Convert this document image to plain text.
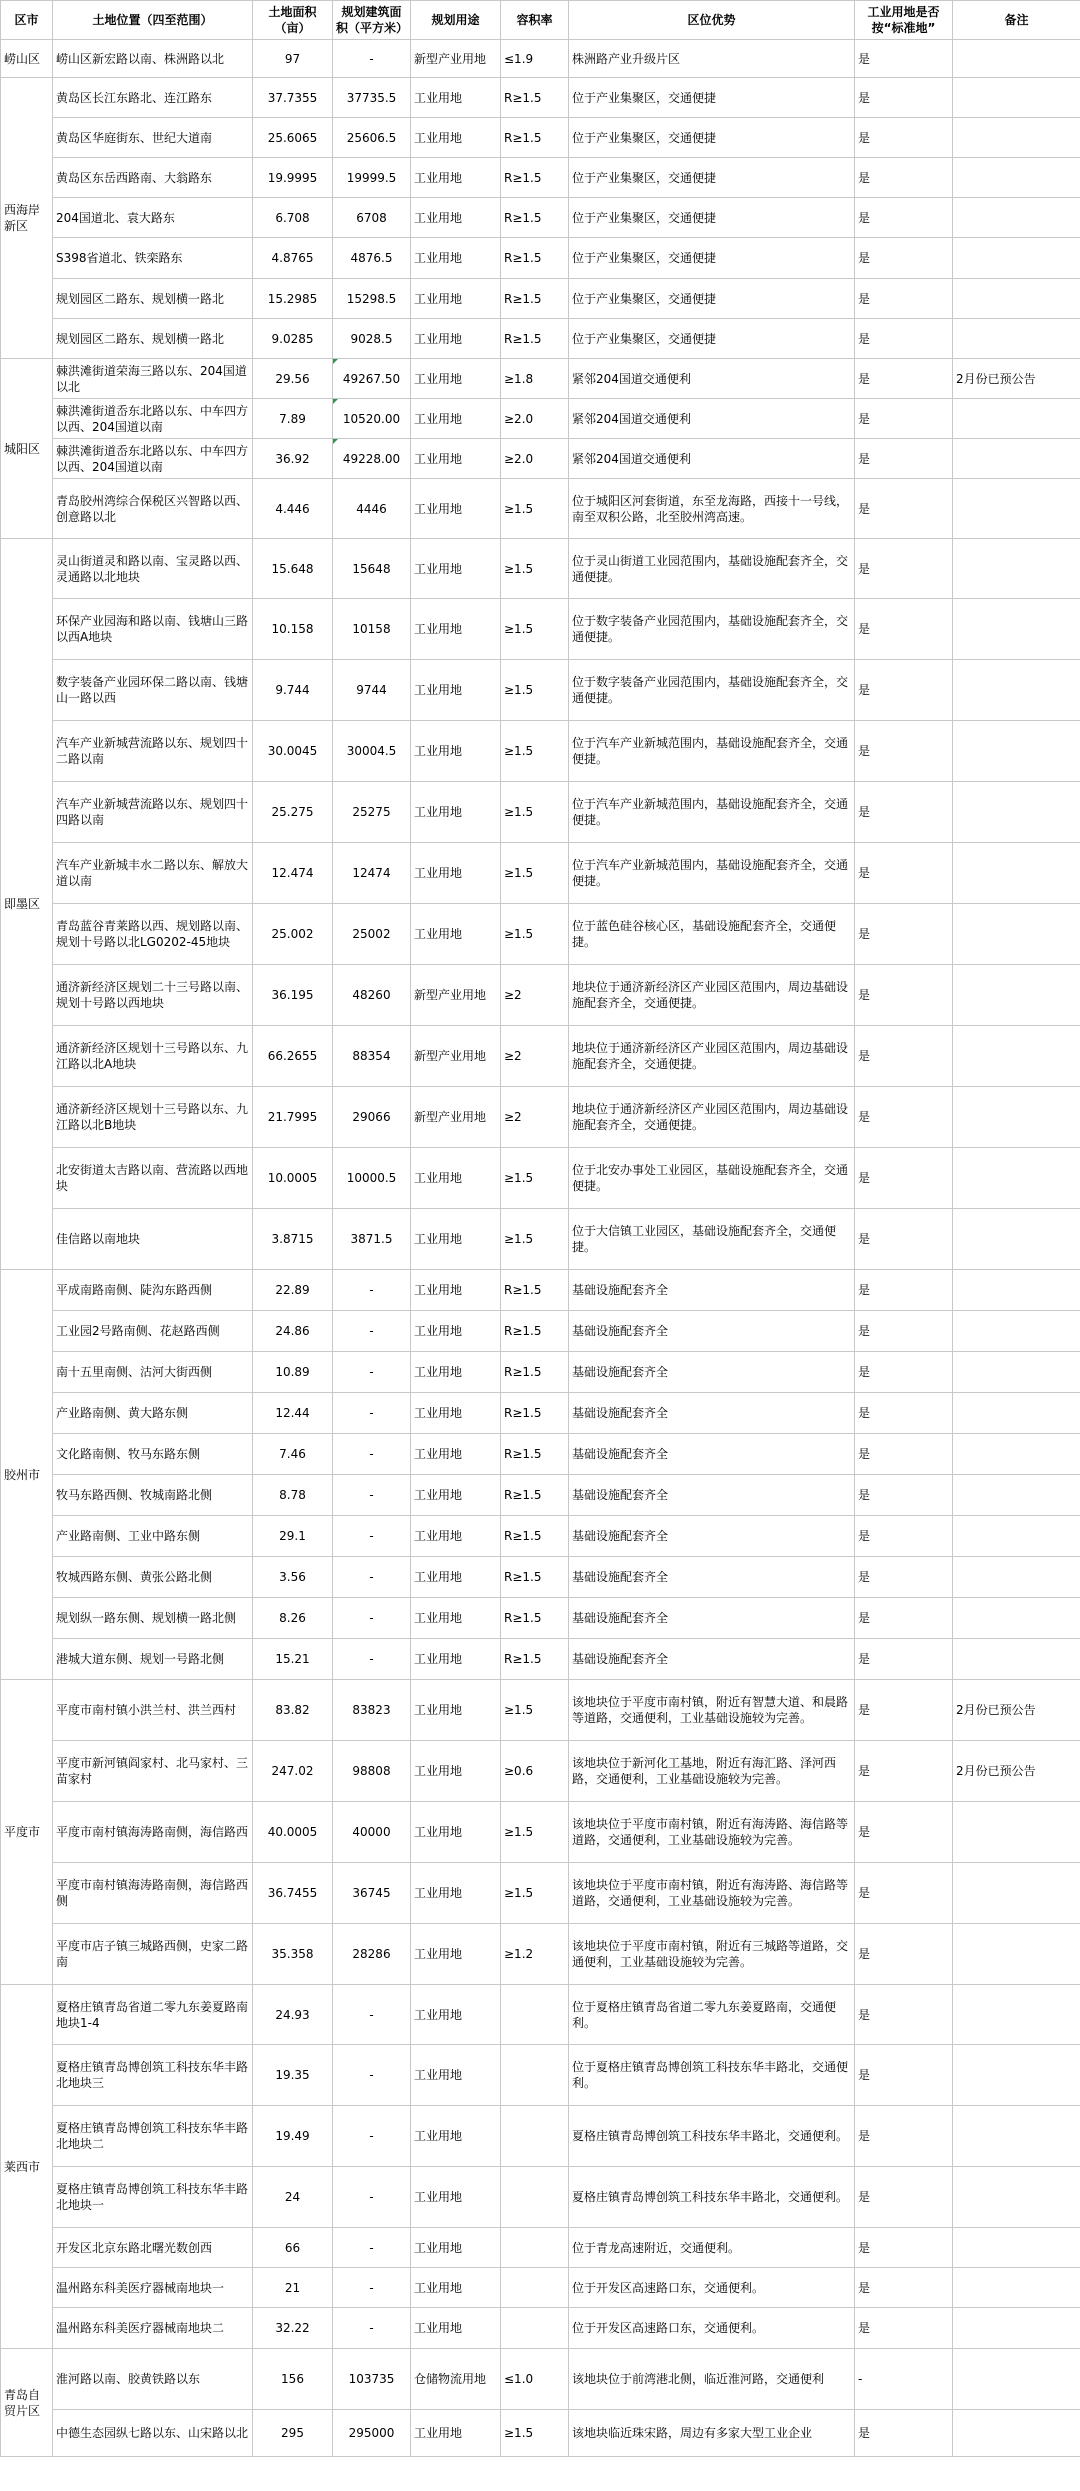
区市	土地位置（四至范围）	土地面积（亩）	规划建筑面积（平方米）	规划用途	容积率	区位优势	工业用地是否按“标准地”	备注
崂山区	崂山区新宏路以南、株洲路以北	97	-	新型产业用地	≤1.9	株洲路产业升级片区	是	
西海岸新区	黄岛区长江东路北、连江路东	37.7355	37735.5	工业用地	R≥1.5	位于产业集聚区，交通便捷	是	
	黄岛区华庭街东、世纪大道南	25.6065	25606.5	工业用地	R≥1.5	位于产业集聚区，交通便捷	是	
	黄岛区东岳西路南、大翁路东	19.9995	19999.5	工业用地	R≥1.5	位于产业集聚区，交通便捷	是	
	204国道北、袁大路东	6.708	6708	工业用地	R≥1.5	位于产业集聚区，交通便捷	是	
	S398省道北、铁栾路东	4.8765	4876.5	工业用地	R≥1.5	位于产业集聚区，交通便捷	是	
	规划园区二路东、规划横一路北	15.2985	15298.5	工业用地	R≥1.5	位于产业集聚区，交通便捷	是	
	规划园区二路东、规划横一路北	9.0285	9028.5	工业用地	R≥1.5	位于产业集聚区，交通便捷	是	
城阳区	棘洪滩街道荣海三路以东、204国道以北	29.56	49267.50	工业用地	≥1.8	紧邻204国道交通便利	是	2月份已预公告
	棘洪滩街道岙东北路以东、中车四方以西、204国道以南	7.89	10520.00	工业用地	≥2.0	紧邻204国道交通便利	是	
	棘洪滩街道岙东北路以东、中车四方以西、204国道以南	36.92	49228.00	工业用地	≥2.0	紧邻204国道交通便利	是	
	青岛胶州湾综合保税区兴智路以西、创意路以北	4.446	4446	工业用地	≥1.5	位于城阳区河套街道，东至龙海路，西接十一号线，南至双积公路，北至胶州湾高速。	是	
即墨区	灵山街道灵和路以南、宝灵路以西、灵通路以北地块	15.648	15648	工业用地	≥1.5	位于灵山街道工业园范围内，基础设施配套齐全，交通便捷。	是	
	环保产业园海和路以南、钱塘山三路以西A地块	10.158	10158	工业用地	≥1.5	位于数字装备产业园范围内，基础设施配套齐全，交通便捷。	是	
	数字装备产业园环保二路以南、钱塘山一路以西	9.744	9744	工业用地	≥1.5	位于数字装备产业园范围内，基础设施配套齐全，交通便捷。	是	
	汽车产业新城营流路以东、规划四十二路以南	30.0045	30004.5	工业用地	≥1.5	位于汽车产业新城范围内，基础设施配套齐全，交通便捷。	是	
	汽车产业新城营流路以东、规划四十四路以南	25.275	25275	工业用地	≥1.5	位于汽车产业新城范围内，基础设施配套齐全，交通便捷。	是	
	汽车产业新城丰水二路以东、解放大道以南	12.474	12474	工业用地	≥1.5	位于汽车产业新城范围内，基础设施配套齐全，交通便捷。	是	
	青岛蓝谷青莱路以西、规划路以南、规划十号路以北LG0202-45地块	25.002	25002	工业用地	≥1.5	位于蓝色硅谷核心区，基础设施配套齐全，交通便捷。	是	
	通济新经济区规划二十三号路以南、规划十号路以西地块	36.195	48260	新型产业用地	≥2	地块位于通济新经济区产业园区范围内，周边基础设施配套齐全，交通便捷。	是	
	通济新经济区规划十三号路以东、九江路以北A地块	66.2655	88354	新型产业用地	≥2	地块位于通济新经济区产业园区范围内，周边基础设施配套齐全，交通便捷。	是	
	通济新经济区规划十三号路以东、九江路以北B地块	21.7995	29066	新型产业用地	≥2	地块位于通济新经济区产业园区范围内，周边基础设施配套齐全，交通便捷。	是	
	北安街道太吉路以南、营流路以西地块	10.0005	10000.5	工业用地	≥1.5	位于北安办事处工业园区，基础设施配套齐全，交通便捷。	是	
	佳信路以南地块	3.8715	3871.5	工业用地	≥1.5	位于大信镇工业园区，基础设施配套齐全，交通便捷。	是	
胶州市	平成南路南侧、陡沟东路西侧	22.89	-	工业用地	R≥1.5	基础设施配套齐全	是	
	工业园2号路南侧、花赵路西侧	24.86	-	工业用地	R≥1.5	基础设施配套齐全	是	
	南十五里南侧、沽河大街西侧	10.89	-	工业用地	R≥1.5	基础设施配套齐全	是	
	产业路南侧、黄大路东侧	12.44	-	工业用地	R≥1.5	基础设施配套齐全	是	
	文化路南侧、牧马东路东侧	7.46	-	工业用地	R≥1.5	基础设施配套齐全	是	
	牧马东路西侧、牧城南路北侧	8.78	-	工业用地	R≥1.5	基础设施配套齐全	是	
	产业路南侧、工业中路东侧	29.1	-	工业用地	R≥1.5	基础设施配套齐全	是	
	牧城西路东侧、黄张公路北侧	3.56	-	工业用地	R≥1.5	基础设施配套齐全	是	
	规划纵一路东侧、规划横一路北侧	8.26	-	工业用地	R≥1.5	基础设施配套齐全	是	
	港城大道东侧、规划一号路北侧	15.21	-	工业用地	R≥1.5	基础设施配套齐全	是	
平度市	平度市南村镇小洪兰村、洪兰西村	83.82	83823	工业用地	≥1.5	该地块位于平度市南村镇，附近有智慧大道、和晨路等道路，交通便利，工业基础设施较为完善。	是	2月份已预公告
	平度市新河镇阎家村、北马家村、三苗家村	247.02	98808	工业用地	≥0.6	该地块位于新河化工基地，附近有海汇路、泽河西路，交通便利，工业基础设施较为完善。	是	2月份已预公告
	平度市南村镇海涛路南侧，海信路西	40.0005	40000	工业用地	≥1.5	该地块位于平度市南村镇，附近有海涛路、海信路等道路，交通便利，工业基础设施较为完善。	是	
	平度市南村镇海涛路南侧，海信路西侧	36.7455	36745	工业用地	≥1.5	该地块位于平度市南村镇，附近有海涛路、海信路等道路，交通便利，工业基础设施较为完善。	是	
	平度市店子镇三城路西侧，史家二路南	35.358	28286	工业用地	≥1.2	该地块位于平度市南村镇，附近有三城路等道路，交通便利，工业基础设施较为完善。	是	
莱西市	夏格庄镇青岛省道二零九东姜夏路南地块1-4	24.93	-	工业用地		位于夏格庄镇青岛省道二零九东姜夏路南，交通便利。	是	
	夏格庄镇青岛博创筑工科技东华丰路北地块三	19.35	-	工业用地		位于夏格庄镇青岛博创筑工科技东华丰路北，交通便利。	是	
	夏格庄镇青岛博创筑工科技东华丰路北地块二	19.49	-	工业用地		夏格庄镇青岛博创筑工科技东华丰路北，交通便利。	是	
	夏格庄镇青岛博创筑工科技东华丰路北地块一	24	-	工业用地		夏格庄镇青岛博创筑工科技东华丰路北，交通便利。	是	
	开发区北京东路北曙光数创西	66	-	工业用地		位于青龙高速附近，交通便利。	是	
	温州路东科美医疗器械南地块一	21	-	工业用地		位于开发区高速路口东，交通便利。	是	
	温州路东科美医疗器械南地块二	32.22	-	工业用地		位于开发区高速路口东，交通便利。	是	
青岛自贸片区	淮河路以南、胶黄铁路以东	156	103735	仓储物流用地	≤1.0	该地块位于前湾港北侧，临近淮河路，交通便利	-	
	中德生态园纵七路以东、山宋路以北	295	295000	工业用地	≥1.5	该地块临近珠宋路，周边有多家大型工业企业	是	
